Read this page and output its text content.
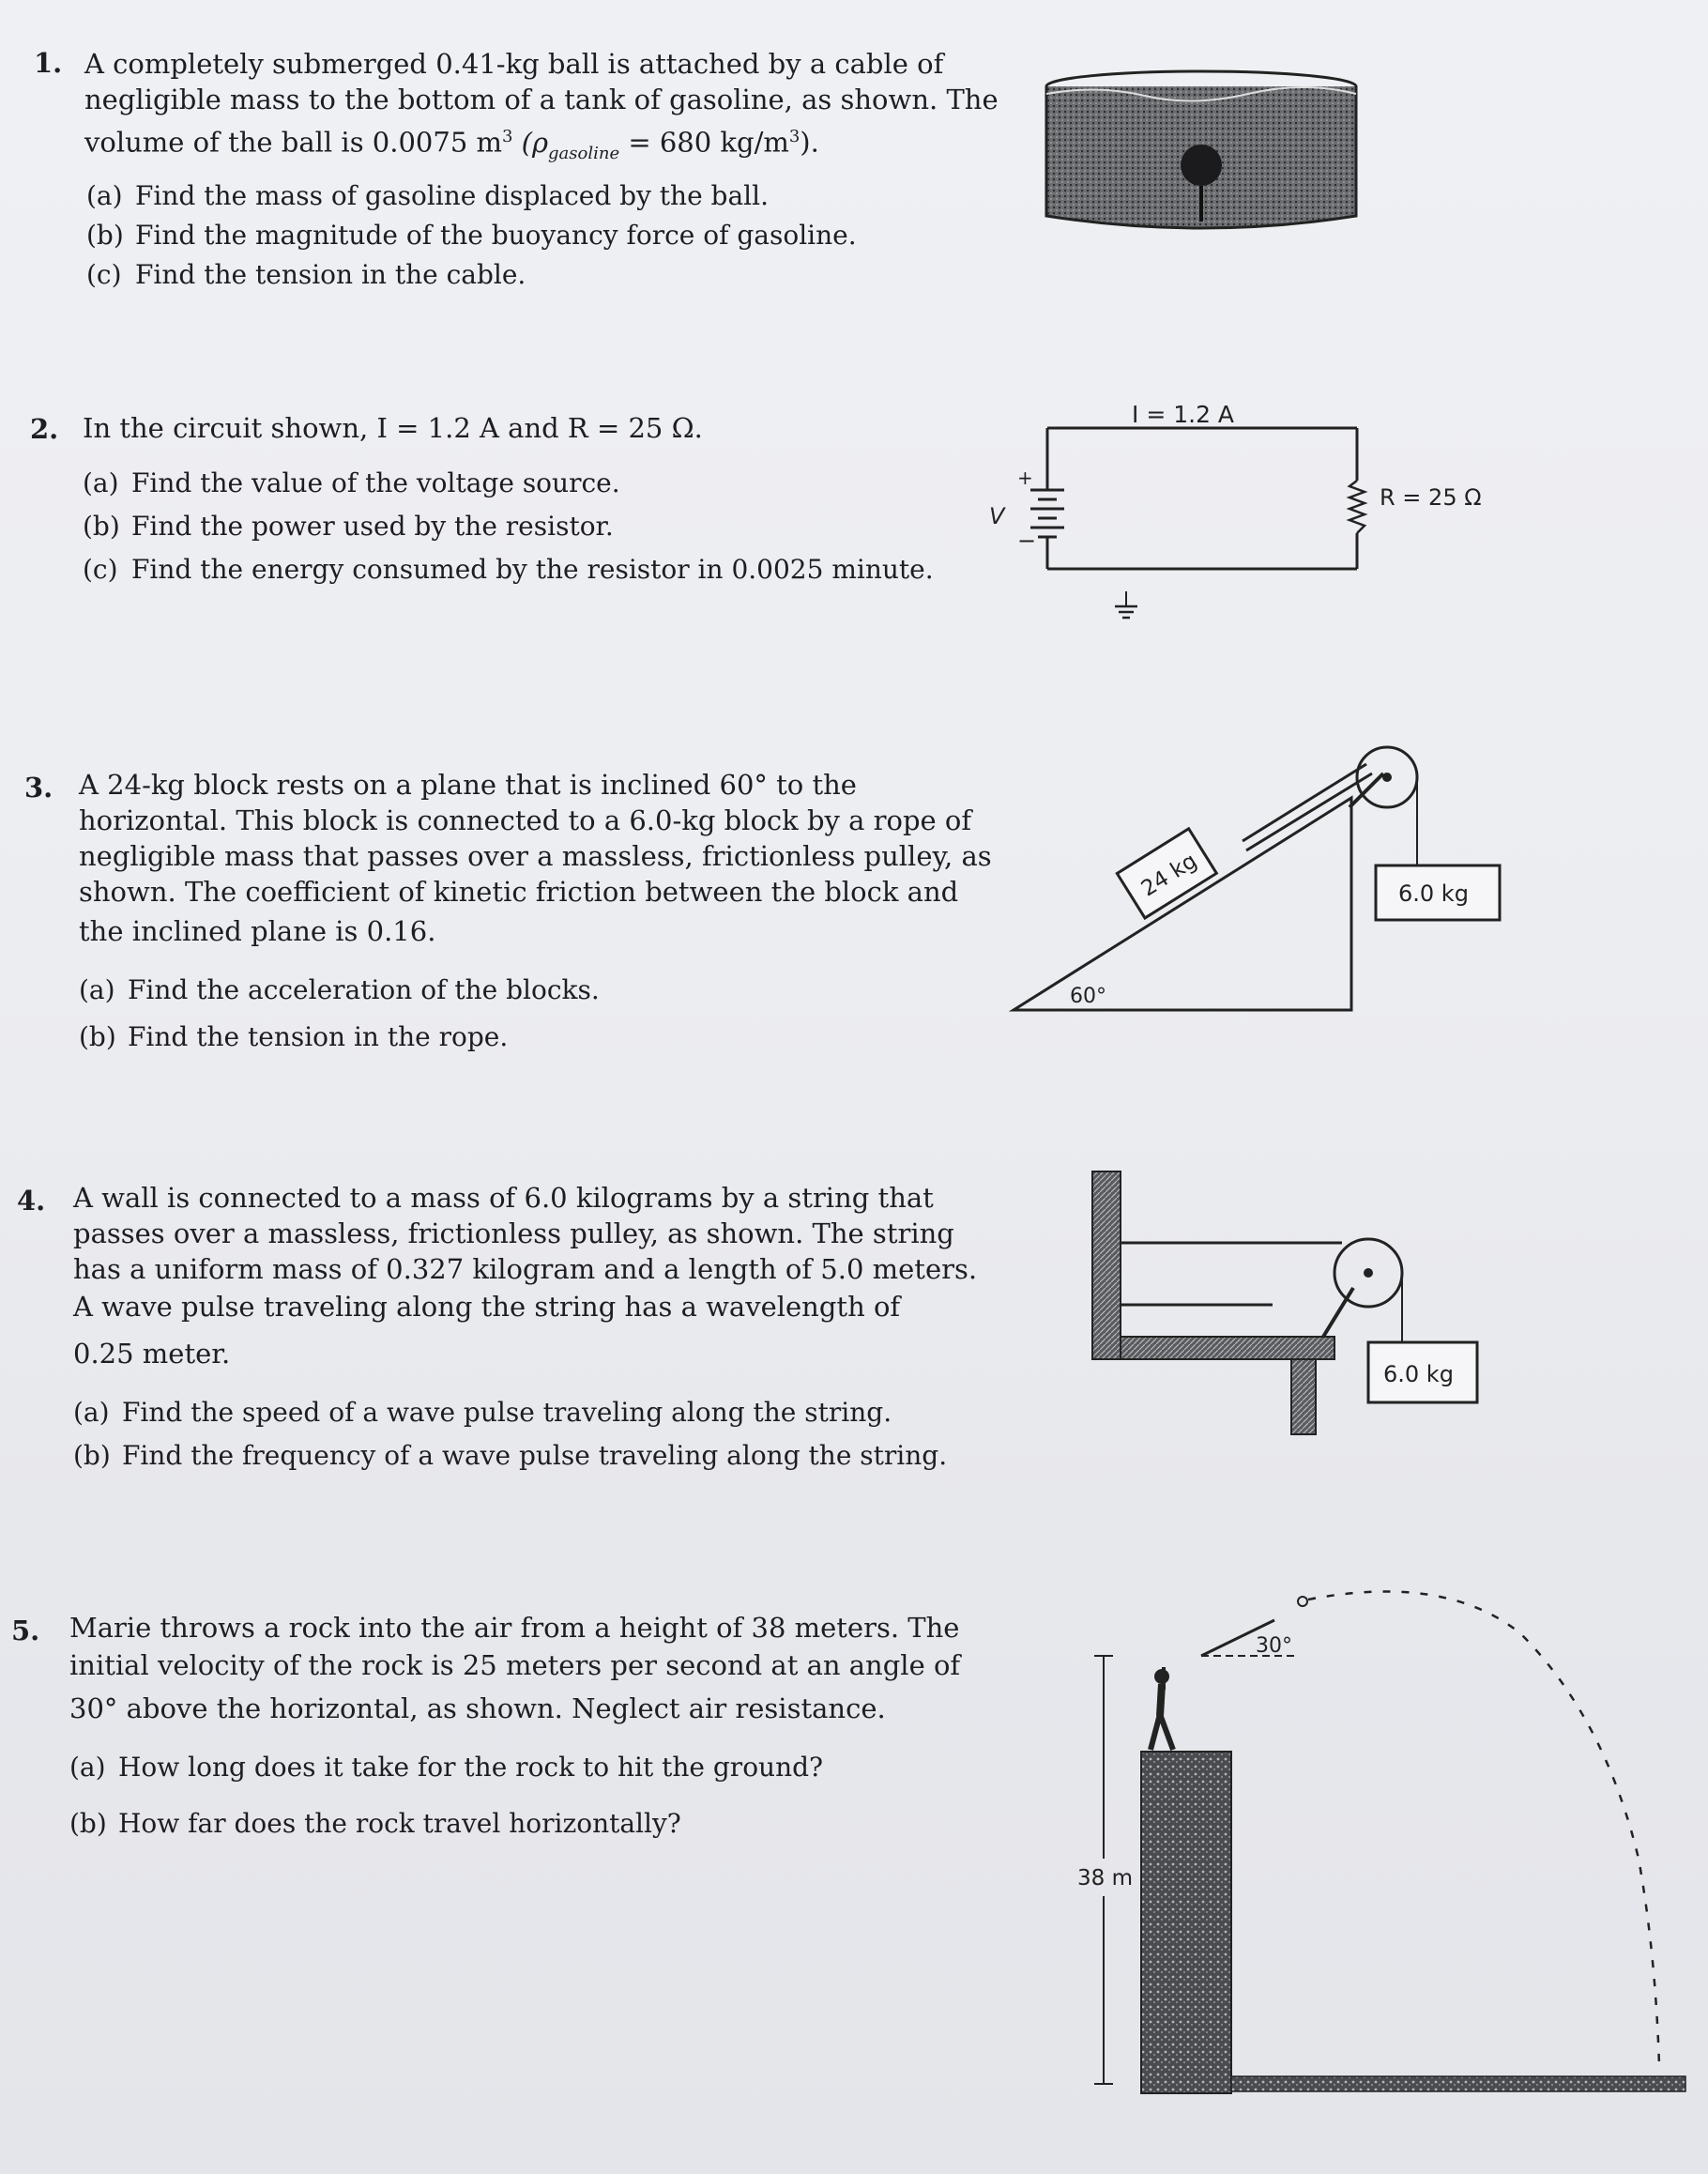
1. A completely submerged 0.41-kg ball is attached by a cable of
negligible mass to the bottom of a tank of gasoline, as shown. The
volume of the ball is 0.0075 $m^3$ ($\rho_{gasoline} = 680$ $kg/m^3$).
(a) Find the mass of gasoline displaced by the ball.
(b) Find the magnitude of the buoyancy force of gasoline.
(c) Find the tension in the cable.
2. In the circuit shown, I = 1.2 A and R = 25 Ω.
(a) Find the value of the voltage source.
(b) Find the power used by the resistor.
(c) Find the energy consumed by the resistor in 0.0025 minute.
I = 1.2 A
+
−
V
R = 25 Ω
3. A 24-kg block rests on a plane that is inclined 60° to the
horizontal. This block is connected to a 6.0-kg block by a rope of
negligible mass that passes over a massless, frictionless pulley, as
shown. The coefficient of kinetic friction between the block and
the inclined plane is 0.16.
(a) Find the acceleration of the blocks.
(b) Find the tension in the rope.
24 kg	6.0 kg
60°
4. A wall is connected to a mass of 6.0 kilograms by a string that
passes over a massless, frictionless pulley, as shown. The string
has a uniform mass of 0.327 kilogram and a length of 5.0 meters.
A wave pulse traveling along the string has a wavelength of
0.25 meter.
(a) Find the speed of a wave pulse traveling along the string.
(b) Find the frequency of a wave pulse traveling along the string.
6.0 kg
5. Marie throws a rock into the air from a height of 38 meters. The
initial velocity of the rock is 25 meters per second at an angle of
30° above the horizontal, as shown. Neglect air resistance.
(a) How long does it take for the rock to hit the ground?
(b) How far does the rock travel horizontally?
30°
38 m
